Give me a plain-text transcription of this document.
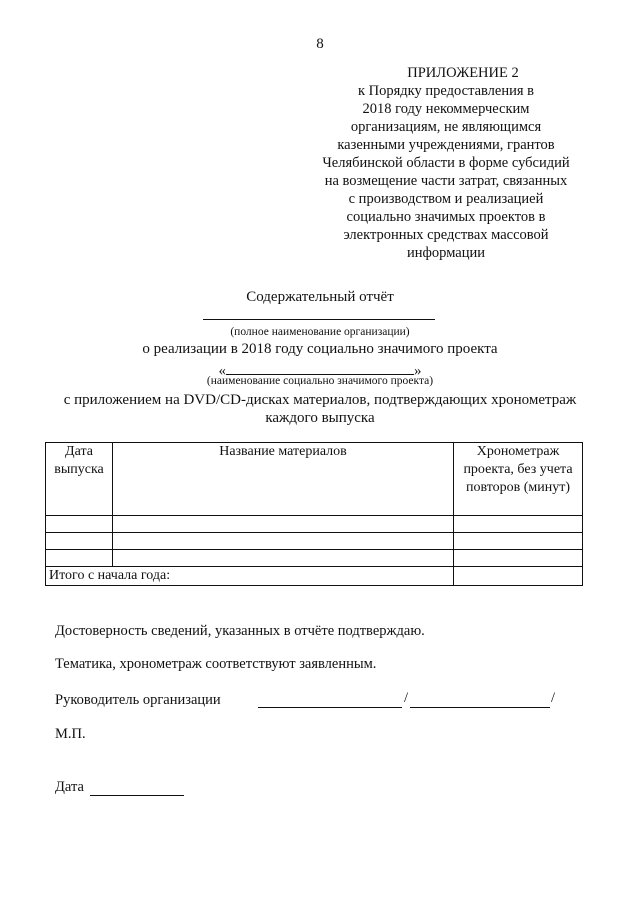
8
ПРИЛОЖЕНИЕ 2
к Порядку предоставления в
2018 году некоммерческим
организациям, не являющимся
казенными учреждениями, грантов
Челябинской области в форме субсидий
на возмещение части затрат, связанных
с производством и реализацией
социально значимых проектов в
электронных средствах массовой
информации
Содержательный отчёт
(полное наименование организации)
о реализации в 2018 году социально значимого проекта
«	»
(наименование социально значимого проекта)
с приложением на DVD/CD-дисках материалов, подтверждающих хронометраж
каждого выпуска
Дата выпуска	Название материалов	Хронометраж проекта, без учета повторов (минут)

Итого с начала года:		
Достоверность сведений, указанных в отчёте подтверждаю.
Тематика, хронометраж соответствуют заявленным.
Руководитель организации	/	/
М.П.
Дата
